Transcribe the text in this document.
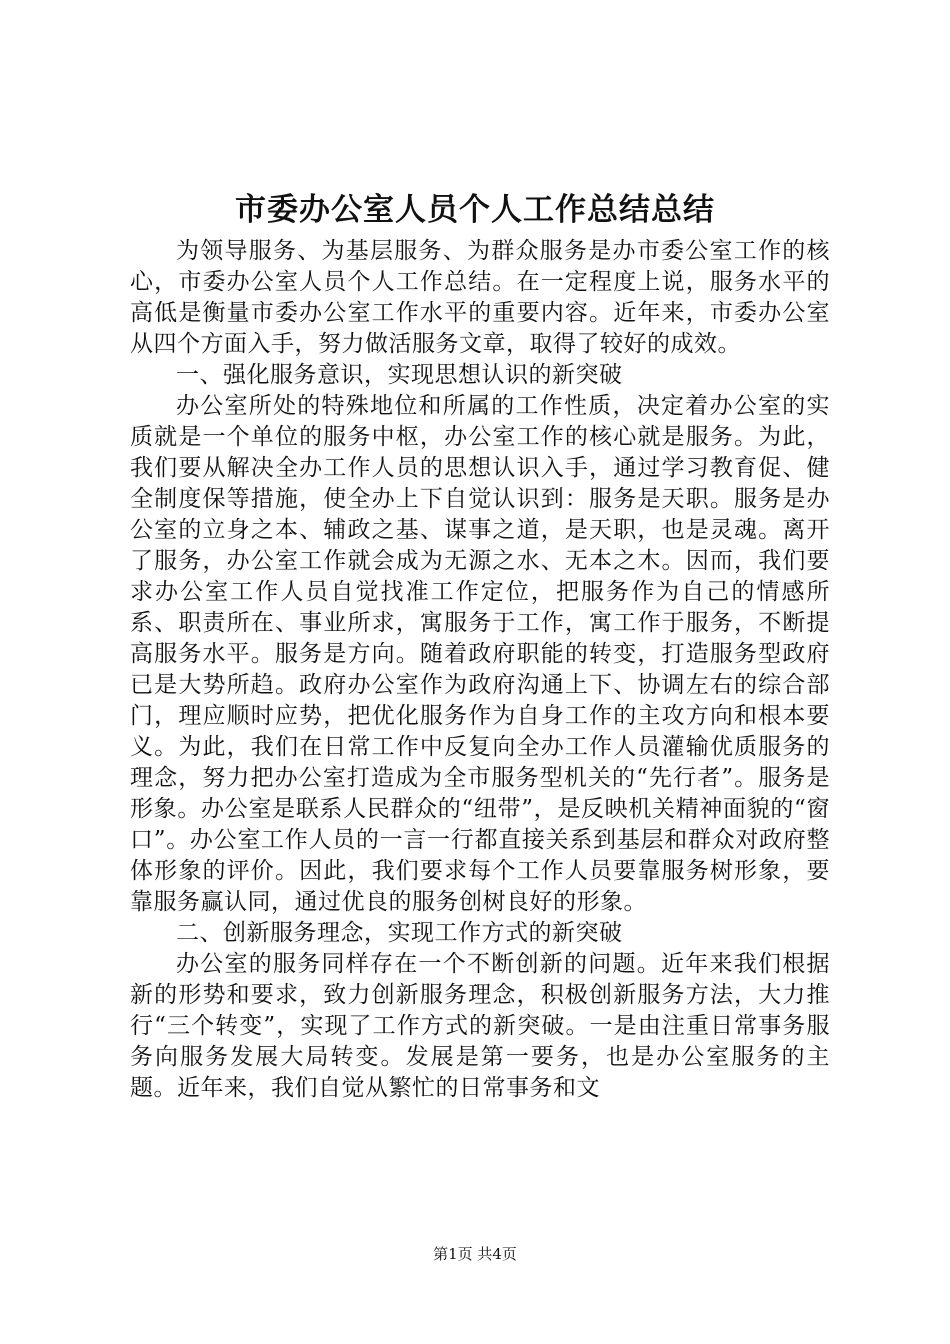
市委办公室人员个人工作总结总结

为领导服务、为基层服务、为群众服务是办市委公室工作的核心，市委办公室人员个人工作总结。在一定程度上说，服务水平的高低是衡量市委办公室工作水平的重要内容。近年来，市委办公室从四个方面入手，努力做活服务文章，取得了较好的成效。

一、强化服务意识，实现思想认识的新突破

办公室所处的特殊地位和所属的工作性质，决定着办公室的实质就是一个单位的服务中枢，办公室工作的核心就是服务。为此，我们要从解决全办工作人员的思想认识入手，通过学习教育促、健全制度保等措施，使全办上下自觉认识到：服务是天职。服务是办公室的立身之本、辅政之基、谋事之道，是天职，也是灵魂。离开了服务，办公室工作就会成为无源之水、无本之木。因而，我们要求办公室工作人员自觉找准工作定位，把服务作为自己的情感所系、职责所在、事业所求，寓服务于工作，寓工作于服务，不断提高服务水平。服务是方向。随着政府职能的转变，打造服务型政府已是大势所趋。政府办公室作为政府沟通上下、协调左右的综合部门，理应顺时应势，把优化服务作为自身工作的主攻方向和根本要义。为此，我们在日常工作中反复向全办工作人员灌输优质服务的理念，努力把办公室打造成为全市服务型机关的“先行者”。服务是形象。办公室是联系人民群众的“纽带”，是反映机关精神面貌的“窗口”。办公室工作人员的一言一行都直接关系到基层和群众对政府整体形象的评价。因此，我们要求每个工作人员要靠服务树形象，要靠服务赢认同，通过优良的服务创树良好的形象。

二、创新服务理念，实现工作方式的新突破

办公室的服务同样存在一个不断创新的问题。近年来我们根据新的形势和要求，致力创新服务理念，积极创新服务方法，大力推行“三个转变”，实现了工作方式的新突破。一是由注重日常事务服务向服务发展大局转变。发展是第一要务，也是办公室服务的主题。近年来，我们自觉从繁忙的日常事务和文

第1页 共4页
